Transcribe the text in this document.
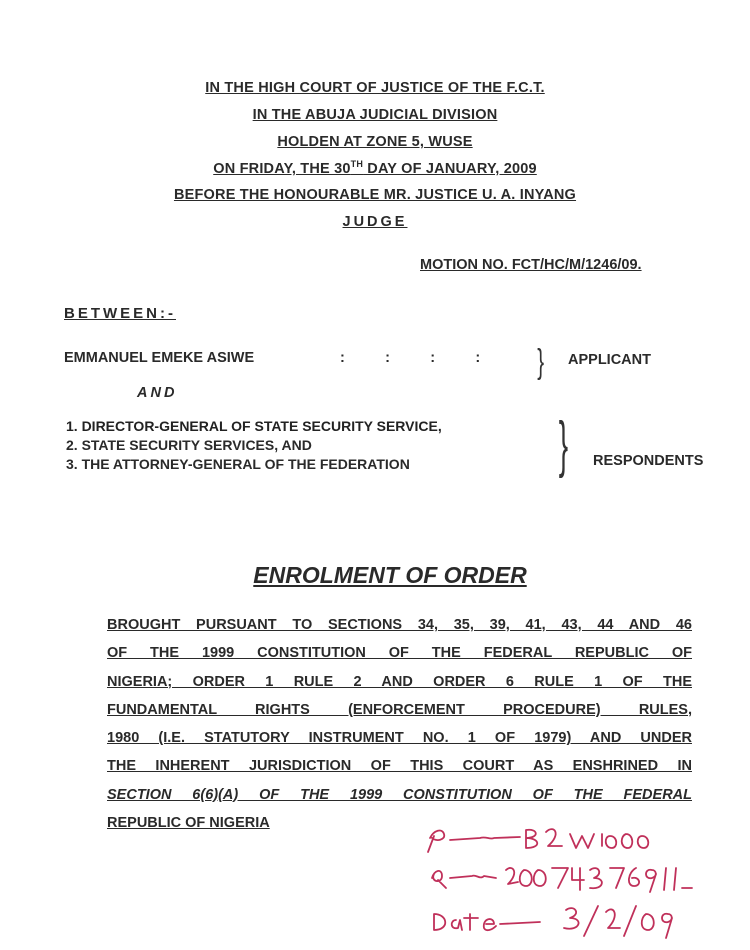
IN THE HIGH COURT OF JUSTICE OF THE F.C.T.
IN THE ABUJA JUDICIAL DIVISION
HOLDEN AT ZONE 5, WUSE
ON FRIDAY, THE 30TH DAY OF JANUARY, 2009
BEFORE THE HONOURABLE MR. JUSTICE U. A. INYANG
JUDGE
MOTION NO. FCT/HC/M/1246/09.
BETWEEN:-
EMMANUEL EMEKE ASIWE	:          :          :          : } APPLICANT
AND
1. DIRECTOR-GENERAL OF STATE SECURITY SERVICE,
2. STATE SECURITY SERVICES, AND
3. THE ATTORNEY-GENERAL OF THE FEDERATION } RESPONDENTS
ENROLMENT OF ORDER
BROUGHT PURSUANT TO SECTIONS 34, 35, 39, 41, 43, 44 AND 46
OF THE 1999 CONSTITUTION OF THE FEDERAL REPUBLIC OF
NIGERIA; ORDER 1 RULE 2 AND ORDER 6 RULE 1 OF THE
FUNDAMENTAL RIGHTS (ENFORCEMENT PROCEDURE) RULES,
1980 (I.E. STATUTORY INSTRUMENT NO. 1 OF 1979) AND UNDER
THE INHERENT JURISDICTION OF THIS COURT AS ENSHRINED IN
SECTION 6(6)(A) OF THE 1999 CONSTITUTION OF THE FEDERAL
REPUBLIC OF NIGERIA
